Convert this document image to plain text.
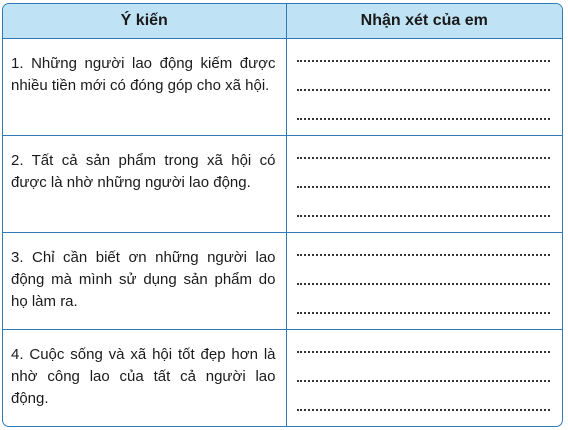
Ý kiến	Nhận xét của em
1. Những người lao động kiếm được nhiều tiền mới có đóng góp cho xã hội.	

2. Tất cả sản phẩm trong xã hội có được là nhờ những người lao động.	

3. Chỉ cần biết ơn những người lao động mà mình sử dụng sản phẩm do họ làm ra.	

4. Cuộc sống và xã hội tốt đẹp hơn là nhờ công lao của tất cả người lao động.	
